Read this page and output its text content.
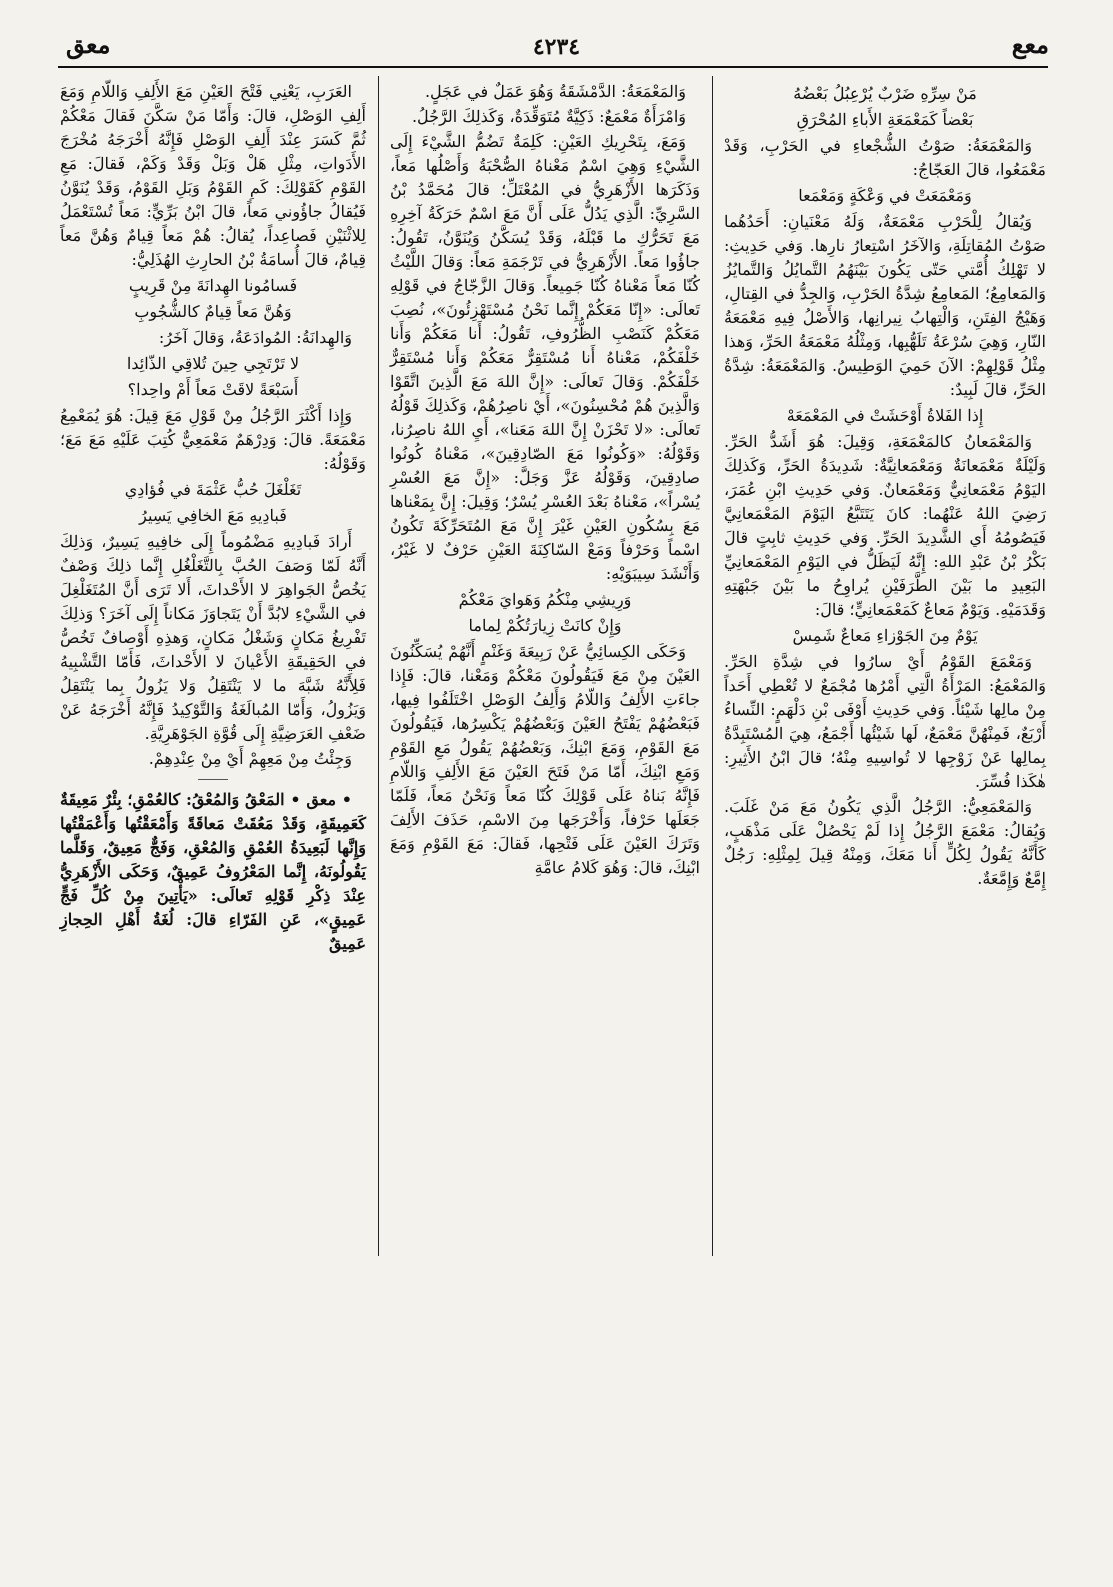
معع
٤٢٣٤
معق

مَنْ سِرِّهِ ضَرْبٌ يُرْعِبُلُ بَعْضُهُ

بَعْضاً كَمَعْمَعَةِ الأَباءِ المُحْرَقِ

وَالمَعْمَعَةُ: صَوْتُ الشُّجْعاءِ في الحَرْبِ، وَقَدْ مَعْمَعُوا، قالَ العَجّاجُ:

وَمَعْمَعَتْ في وَعْكَةٍ وَمَعْمَعا

وَيُقالُ لِلْحَرْبِ مَعْمَعَةٌ، وَلَهُ مَعْنَيانِ: أَحَدُهُما صَوْتُ المُقاتِلَةِ، وَالآخَرُ اسْتِعارُ نارِها. وَفي حَدِيثِ: لا تَهْلِكُ أُمَّتي حَتّى يَكُونَ بَيْنَهُمُ التَّمايُلُ وَالتَّمايُزُ وَالمَعامِعُ؛ المَعامِعُ شِدَّةُ الحَرْبِ، وَالجِدُّ في القِتالِ، وَهَيْجُ الفِتَنِ، وَالْتِهابُ نِيرانِها، وَالأَصْلُ فِيهِ مَعْمَعَةُ النّارِ، وَهِيَ سُرْعَةُ تَلَهُّبِها، وَمِثْلُهُ مَعْمَعَةُ الحَرِّ، وَهذا مِثْلُ قَوْلِهِمْ: الآنَ حَمِيَ الوَطِيسُ. وَالمَعْمَعَةُ: شِدَّةُ الحَرِّ، قالَ لَبِيدٌ:

إِذا الفَلاةُ أَوْحَشَتْ في المَعْمَعَهْ

وَالمَعْمَعانُ كالمَعْمَعَةِ، وَقِيلَ: هُوَ أَشَدُّ الحَرِّ. وَلَيْلَةٌ مَعْمَعانَةٌ وَمَعْمَعانِيَّةٌ: شَدِيدَةُ الحَرِّ، وَكَذلِكَ اليَوْمُ مَعْمَعانِيٌّ وَمَعْمَعانٌ. وَفي حَدِيثِ ابْنِ عُمَرَ، رَضِيَ اللهُ عَنْهُما: كانَ يَتَتَبَّعُ اليَوْمَ المَعْمَعانِيَّ فَيَصُومُهُ أَي الشَّدِيدَ الحَرِّ. وَفي حَدِيثِ ثابِتٍ قالَ بَكْرُ بْنُ عَبْدِ اللهِ: إِنَّهُ لَيَظَلُّ في اليَوْمِ المَعْمَعانِيِّ البَعِيدِ ما بَيْنَ الطَّرَفَيْنِ يُراوِحُ ما بَيْنَ جَبْهَتِهِ وَقَدَمَيْهِ. وَيَوْمٌ مَعاعٌ كَمَعْمَعانِيٍّ؛ قالَ:

يَوْمٌ مِنَ الجَوْزاءِ مَعاعٌ شَمِسْ

وَمَعْمَعَ القَوْمُ أَيْ سارُوا في شِدَّةِ الحَرِّ. وَالمَعْمَعُ: المَرْأَةُ الَّتِي أَمْرُها مُجْمَعٌ لا تُعْطِي أَحَداً مِنْ مالِها شَيْئاً. وَفي حَدِيثِ أَوْفَى بْنِ دَلْهَمٍ: النِّساءُ أَرْبَعٌ، فَمِنْهُنَّ مَعْمَعٌ، لَها شَيْئُها أَجْمَعُ، هِيَ المُسْتَبِدَّةُ بِمالِها عَنْ زَوْجِها لا تُواسِيهِ مِنْهُ؛ قالَ ابْنُ الأَثِيرِ: هٰكَذا فُسِّرَ.

وَالمَعْمَعِيُّ: الرَّجُلُ الَّذِي يَكُونُ مَعَ مَنْ غَلَبَ. وَيُقالُ: مَعْمَعَ الرَّجُلُ إِذا لَمْ يَحْصُلْ عَلَى مَذْهَبٍ، كَأَنَّهُ يَقُولُ لِكُلٍّ أَنا مَعَكَ، وَمِنْهُ قِيلَ لِمِثْلِهِ: رَجُلٌ إِمَّعٌ وَإِمَّعَةٌ.

وَالمَعْمَعَةُ: الدَّمْشَقَةُ وَهُوَ عَمَلٌ في عَجَلٍ.

وَامْرَأَةٌ مَعْمَعٌ: ذَكِيَّةٌ مُتَوَقِّدَةٌ، وَكَذلِكَ الرَّجُلُ.

وَمَعَ، بِتَحْرِيكِ العَيْنِ: كَلِمَةٌ تَضُمُّ الشَّيْءَ إِلَى الشَّيْءِ وَهِيَ اسْمٌ مَعْناهُ الصُّحْبَةُ وَأَصْلُها مَعاً، وَذَكَرَها الأَزْهَرِيُّ في المُعْتَلِّ؛ قالَ مُحَمَّدُ بْنُ السَّرِيِّ: الَّذِي يَدُلُّ عَلَى أَنَّ مَعَ اسْمٌ حَرَكَةُ آخِرِهِ مَعَ تَحَرُّكِ ما قَبْلَهُ، وَقَدْ يُسَكَّنُ وَيُنَوَّنُ، تَقُولُ: جاؤُوا مَعاً. الأَزْهَرِيُّ في تَرْجَمَةِ مَعاً: وَقالَ اللَّيْثُ كُنّا مَعاً مَعْناهُ كُنّا جَمِيعاً. وَقالَ الزَّجّاجُ في قَوْلِهِ تَعالَى: «إِنّا مَعَكُمْ إِنَّما نَحْنُ مُسْتَهْزِئُونَ»، نُصِبَ مَعَكُمْ كَنَصْبِ الظُّرُوفِ، تَقُولُ: أَنا مَعَكُمْ وَأَنا خَلْفَكُمْ، مَعْناهُ أَنا مُسْتَقِرٌّ مَعَكُمْ وَأَنا مُسْتَقِرٌّ خَلْفَكُمْ. وَقالَ تَعالَى: «إِنَّ اللهَ مَعَ الَّذِينَ اتَّقَوْا وَالَّذِينَ هُمْ مُحْسِنُونَ»، أَيْ ناصِرُهُمْ، وَكَذلِكَ قَوْلُهُ تَعالَى: «لا تَحْزَنْ إِنَّ اللهَ مَعَنا»، أَيِ اللهُ ناصِرُنا، وَقَوْلُهُ: «وَكُونُوا مَعَ الصّادِقِينَ»، مَعْناهُ كُونُوا صادِقِينَ، وَقَوْلُهُ عَزَّ وَجَلَّ: «إِنَّ مَعَ العُسْرِ يُسْراً»، مَعْناهُ بَعْدَ العُسْرِ يُسْرٌ؛ وَقِيلَ: إِنَّ بِمَعْناها مَعَ بِسُكُونِ العَيْنِ غَيْرَ إِنَّ مَعَ المُتَحَرِّكَةَ تَكُونُ اسْماً وَحَرْفاً وَمَعْ السّاكِنَةَ العَيْنِ حَرْفٌ لا غَيْرُ، وَأَنْشَدَ سِيبَوَيْهِ:

وَرِيشِي مِنْكُمُ وَهَوايَ مَعْكُمْ

وَإِنْ كانَتْ زِيارَتُكُمْ لِماما

وَحَكَى الكِسائِيُّ عَنْ رَبِيعَةَ وَغَنْمٍ أَنَّهُمْ يُسَكِّنُونَ العَيْنَ مِنْ مَعَ فَيَقُولُونَ مَعْكُمْ وَمَعْنا، قالَ: فَإِذا جاءَتِ الأَلِفُ وَاللّامُ وَأَلِفُ الوَصْلِ اخْتَلَفُوا فِيها، فَبَعْضُهُمْ يَفْتَحُ العَيْنَ وَبَعْضُهُمْ يَكْسِرُها، فَيَقُولُونَ مَعَ القَوْمِ، وَمَعَ ابْنِكَ، وَبَعْضُهُمْ يَقُولُ مَعِ القَوْمِ وَمَعِ ابْنِكَ، أَمّا مَنْ فَتَحَ العَيْنَ مَعَ الأَلِفِ وَاللّامِ فَإِنَّهُ بَناهُ عَلَى قَوْلِكَ كُنّا مَعاً وَنَحْنُ مَعاً، فَلَمّا جَعَلَها حَرْفاً، وَأَخْرَجَها مِنَ الاسْمِ، حَذَفَ الأَلِفَ وَتَرَكَ العَيْنَ عَلَى فَتْحِها، فَقالَ: مَعَ القَوْمِ وَمَعَ ابْنِكَ، قالَ: وَهُوَ كَلامُ عامَّةِ

العَرَبِ، يَعْنِي فَتْحَ العَيْنِ مَعَ الأَلِفِ وَاللّامِ وَمَعَ أَلِفِ الوَصْلِ، قالَ: وَأَمّا مَنْ سَكَّنَ فَقالَ مَعْكُمْ ثُمَّ كَسَرَ عِنْدَ أَلِفِ الوَصْلِ فَإِنَّهُ أَخْرَجَهُ مُخْرَجَ الأَدَواتِ، مِثْلِ هَلْ وَبَلْ وَقَدْ وَكَمْ، فَقالَ: مَعِ القَوْمِ كَقَوْلِكَ: كَمِ القَوْمُ وَبَلِ القَوْمُ، وَقَدْ يُنَوَّنُ فَيُقالُ جاؤُوني مَعاً، قالَ ابْنُ بَرِّيٍّ: مَعاً تُسْتَعْمَلُ لِلاثْنَيْنِ فَصاعِداً، يُقالُ: هُمْ مَعاً قِيامٌ وَهُنَّ مَعاً قِيامٌ، قالَ أُسامَةُ بْنُ الحارِثِ الهُذَلِيُّ:

فَسامُونا الهِدانَةَ مِنْ قَرِيبٍ

وَهُنَّ مَعاً قِيامٌ كالشُّجُوبِ

وَالهِدانَةُ: المُوادَعَةُ، وَقالَ آخَرُ:

لا تَرْتَجِي حِينَ تُلاقِي الذّائِدا

أَسَبْعَةً لاقَتْ مَعاً أَمْ واحِدا؟

وَإِذا أَكْثَرَ الرَّجُلُ مِنْ قَوْلِ مَعَ قِيلَ: هُوَ يُمَعْمِعُ مَعْمَعَةً. قالَ: وَدِرْهَمٌ مَعْمَعِيٌّ كُتِبَ عَلَيْهِ مَعَ مَعَ؛ وَقَوْلُهُ:

تَغَلْغَلَ حُبُّ عَثْمَةَ في فُؤادِي

فَبادِيهِ مَعَ الخافِي يَسِيرُ

أَرادَ فَبادِيهِ مَضْمُوماً إِلَى خافِيهِ يَسِيرٌ، وَذلِكَ أَنَّهُ لَمّا وَصَفَ الحُبَّ بِالتَّغَلْغُلِ إِنَّما ذلِكَ وَصْفٌ يَخُصُّ الجَواهِرَ لا الأَحْداثَ، أَلا تَرَى أَنَّ المُتَغَلْغِلَ في الشَّيْءِ لابُدَّ أَنْ يَتَجاوَزَ مَكاناً إِلَى آخَرَ؟ وَذلِكَ تَفْرِيغُ مَكانٍ وَشَغْلُ مَكانٍ، وَهذِهِ أَوْصافٌ تَخُصُّ في الحَقِيقَةِ الأَعْيانَ لا الأَحْداثَ، فَأَمّا التَّشْبِيهُ فَلِأَنَّهُ شَبَّهَ ما لا يَنْتَقِلُ وَلا يَزُولُ بِما يَنْتَقِلُ وَيَزُولُ، وَأَمّا المُبالَغَةُ وَالتَّوْكِيدُ فَإِنَّهُ أَخْرَجَهُ عَنْ ضَعْفِ العَرَضِيَّةِ إِلَى قُوَّةِ الجَوْهَرِيَّةِ.

وَجِئْتُ مِنْ مَعِهِمْ أَيْ مِنْ عِنْدِهِمْ.

• معق • المَعْقُ وَالمُعْقُ: كالعُمْقِ؛ بِئْرٌ مَعِيقَةٌ كَعَمِيقَةٍ، وَقَدْ مَعُقَتْ مَعاقَةً وَأَمْعَقْتُها وَأَعْمَقْتُها وَإِنَّها لَبَعِيدَةُ العُمْقِ وَالمُعْقِ، وَفَجٌّ مَعِيقٌ، وَقَلَّما يَقُولُونَهُ، إِنَّما المَعْرُوفُ عَمِيقٌ، وَحَكَى الأَزْهَرِيُّ عِنْدَ ذِكْرِ قَوْلِهِ تَعالَى: «يَأْتِينَ مِنْ كُلِّ فَجٍّ عَمِيقٍ»، عَنِ الفَرّاءِ قالَ: لُغَةُ أَهْلِ الحِجازِ عَمِيقٌ
